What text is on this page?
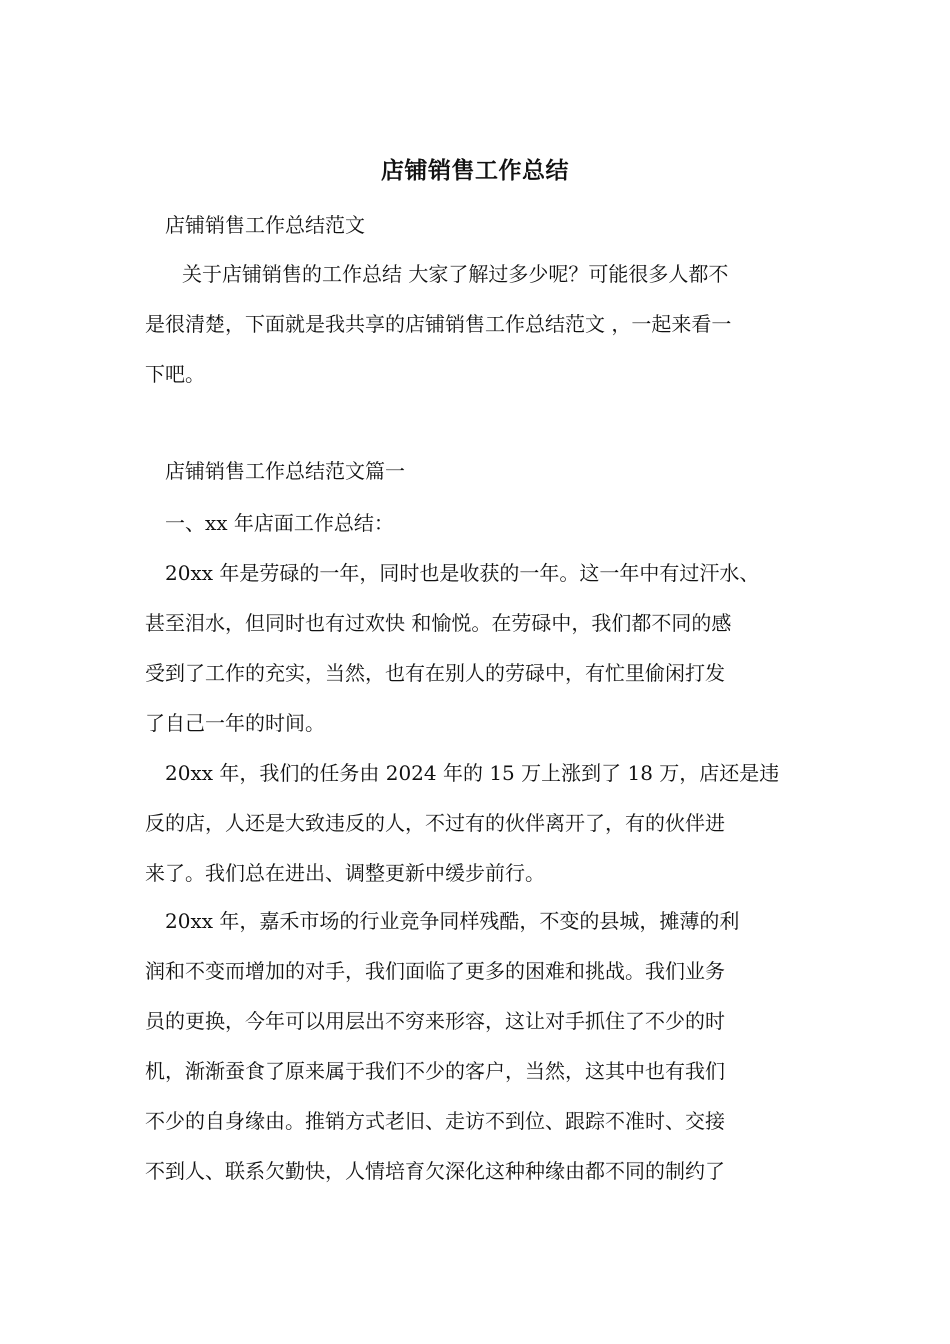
店铺销售工作总结
店铺销售工作总结范文
关于店铺销售的工作总结 大家了解过多少呢？可能很多人都不
是很清楚，下面就是我共享的店铺销售工作总结范文 ，一起来看一
下吧。
店铺销售工作总结范文篇一
一、xx 年店面工作总结：
20xx 年是劳碌的一年，同时也是收获的一年。这一年中有过汗水、
甚至泪水，但同时也有过欢快 和愉悦。在劳碌中，我们都不同的感
受到了工作的充实，当然，也有在别人的劳碌中，有忙里偷闲打发
了自己一年的时间。
20xx 年，我们的任务由 2024 年的 15 万上涨到了 18 万，店还是违
反的店，人还是大致违反的人，不过有的伙伴离开了，有的伙伴进
来了。我们总在进出、调整更新中缓步前行。
20xx 年，嘉禾市场的行业竞争同样残酷，不变的县城，摊薄的利
润和不变而增加的对手，我们面临了更多的困难和挑战。我们业务
员的更换，今年可以用层出不穷来形容，这让对手抓住了不少的时
机，渐渐蚕食了原来属于我们不少的客户，当然，这其中也有我们
不少的自身缘由。推销方式老旧、走访不到位、跟踪不准时、交接
不到人、联系欠勤快，人情培育欠深化这种种缘由都不同的制约了
